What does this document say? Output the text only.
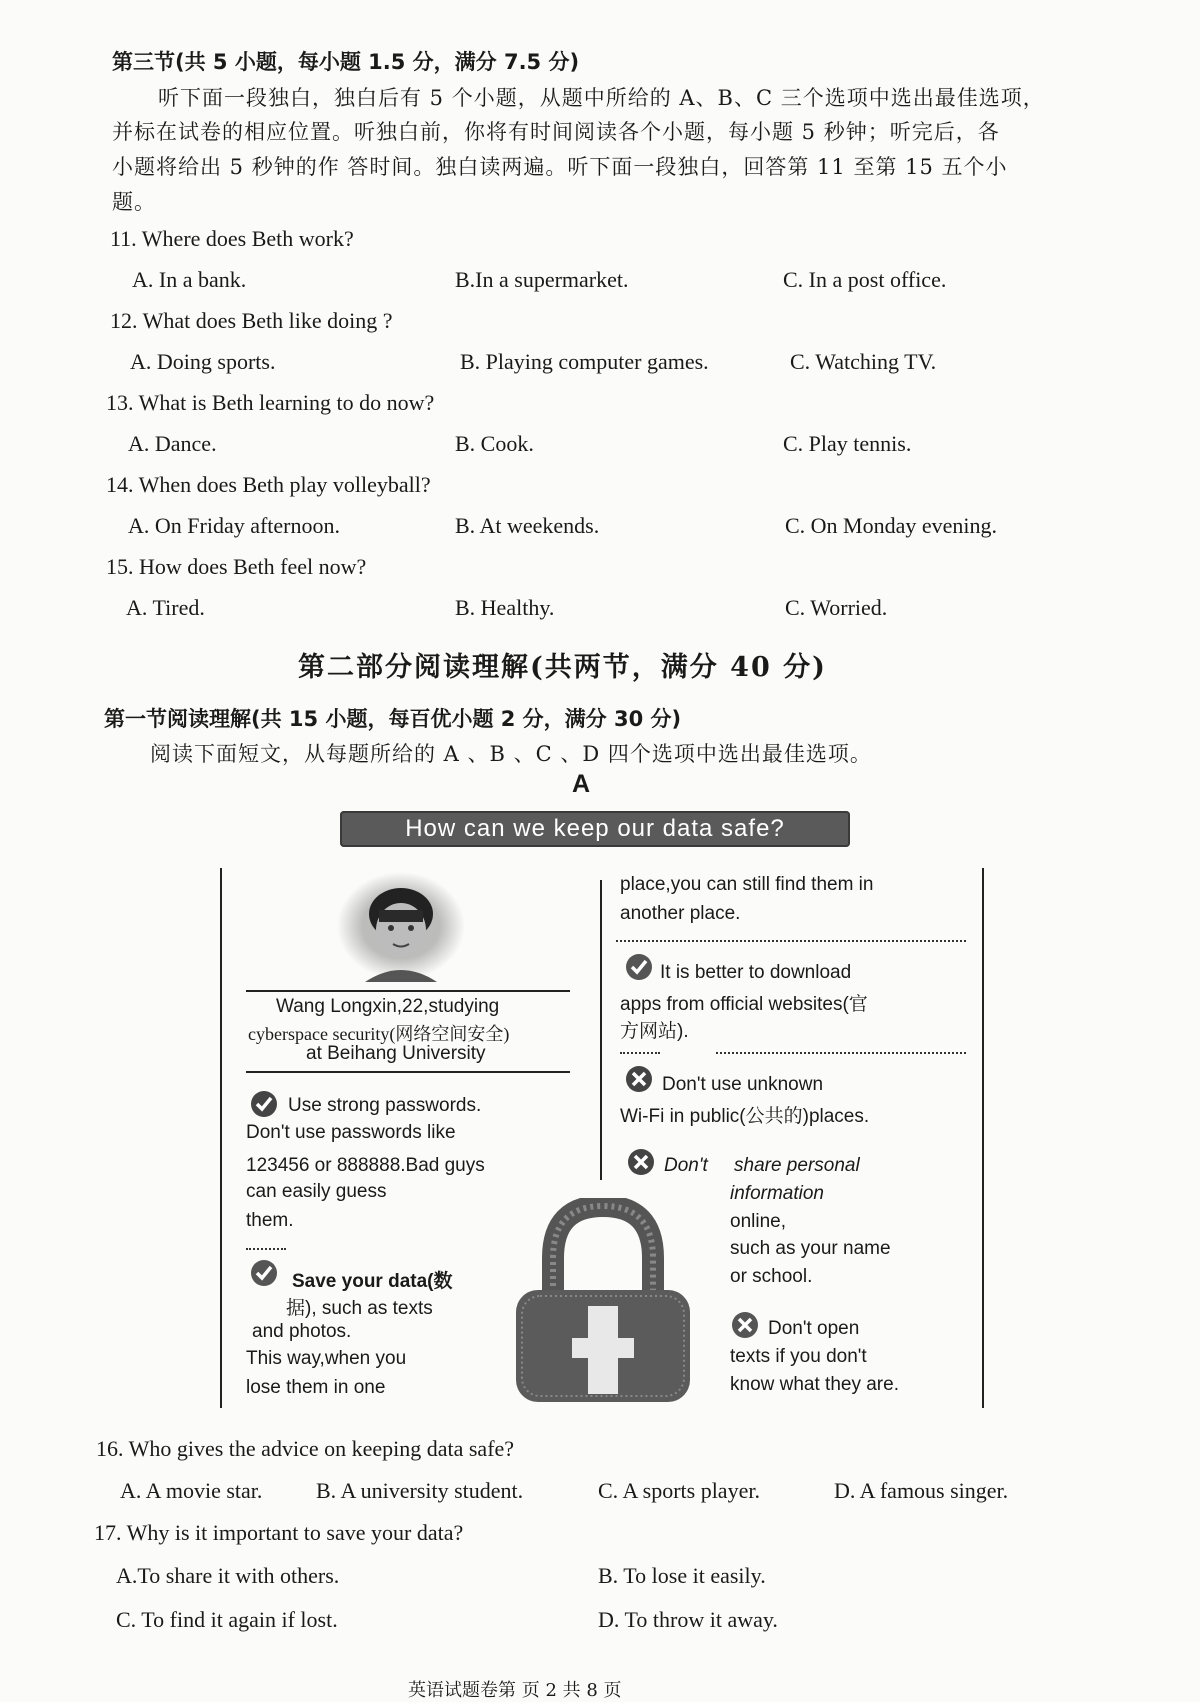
第三节(共 5 小题，每小题 1.5 分，满分 7.5 分)
听下面一段独白，独白后有 5 个小题，从题中所给的 A、B、C 三个选项中选出最佳选项，
并标在试卷的相应位置。听独白前，你将有时间阅读各个小题，每小题 5 秒钟；听完后，各
小题将给出 5 秒钟的作 答时间。独白读两遍。听下面一段独白，回答第 11 至第 15 五个小
题。
11. Where does Beth work?
A. In a bank.	B.In a supermarket.	C. In a post office.
12. What does Beth like doing ?
A. Doing sports.	B. Playing computer games.	C. Watching TV.
13. What is Beth learning to do now?
A. Dance.	B. Cook.	C. Play tennis.
14. When does Beth play volleyball?
A. On Friday afternoon.	B. At weekends.	C. On Monday evening.
15. How does Beth feel now?
A. Tired.	B. Healthy.	C. Worried.
第二部分阅读理解(共两节，满分 40 分)
第一节阅读理解(共 15 小题，每百优小题 2 分，满分 30 分)
阅读下面短文，从每题所给的 A 、B 、C 、D 四个选项中选出最佳选项。
A
How can we keep our data safe?
Wang Longxin,22,studying
cyberspace security(网络空间安全)
at Beihang University
Use strong passwords.
Don't use passwords like
123456 or 888888.Bad guys
can easily guess
them.
Save your data(数
据), such as texts
and photos.
This way,when you
lose them in one
place,you can still find them in
another place.
It is better to download
apps from official websites(官
方网站).
Don't use unknown
Wi-Fi in public(公共的)places.
Don't share personal
information
online,
such as your name
or school.
Don't open
texts if you don't
know what they are.
16. Who gives the advice on keeping data safe?
A. A movie star. B. A university student.	C. A sports player.	D. A famous singer.
17. Why is it important to save your data?
A.To share it with others.	B. To lose it easily.
C. To find it again if lost.	D. To throw it away.
英语试题卷第 页 2 共 8 页
